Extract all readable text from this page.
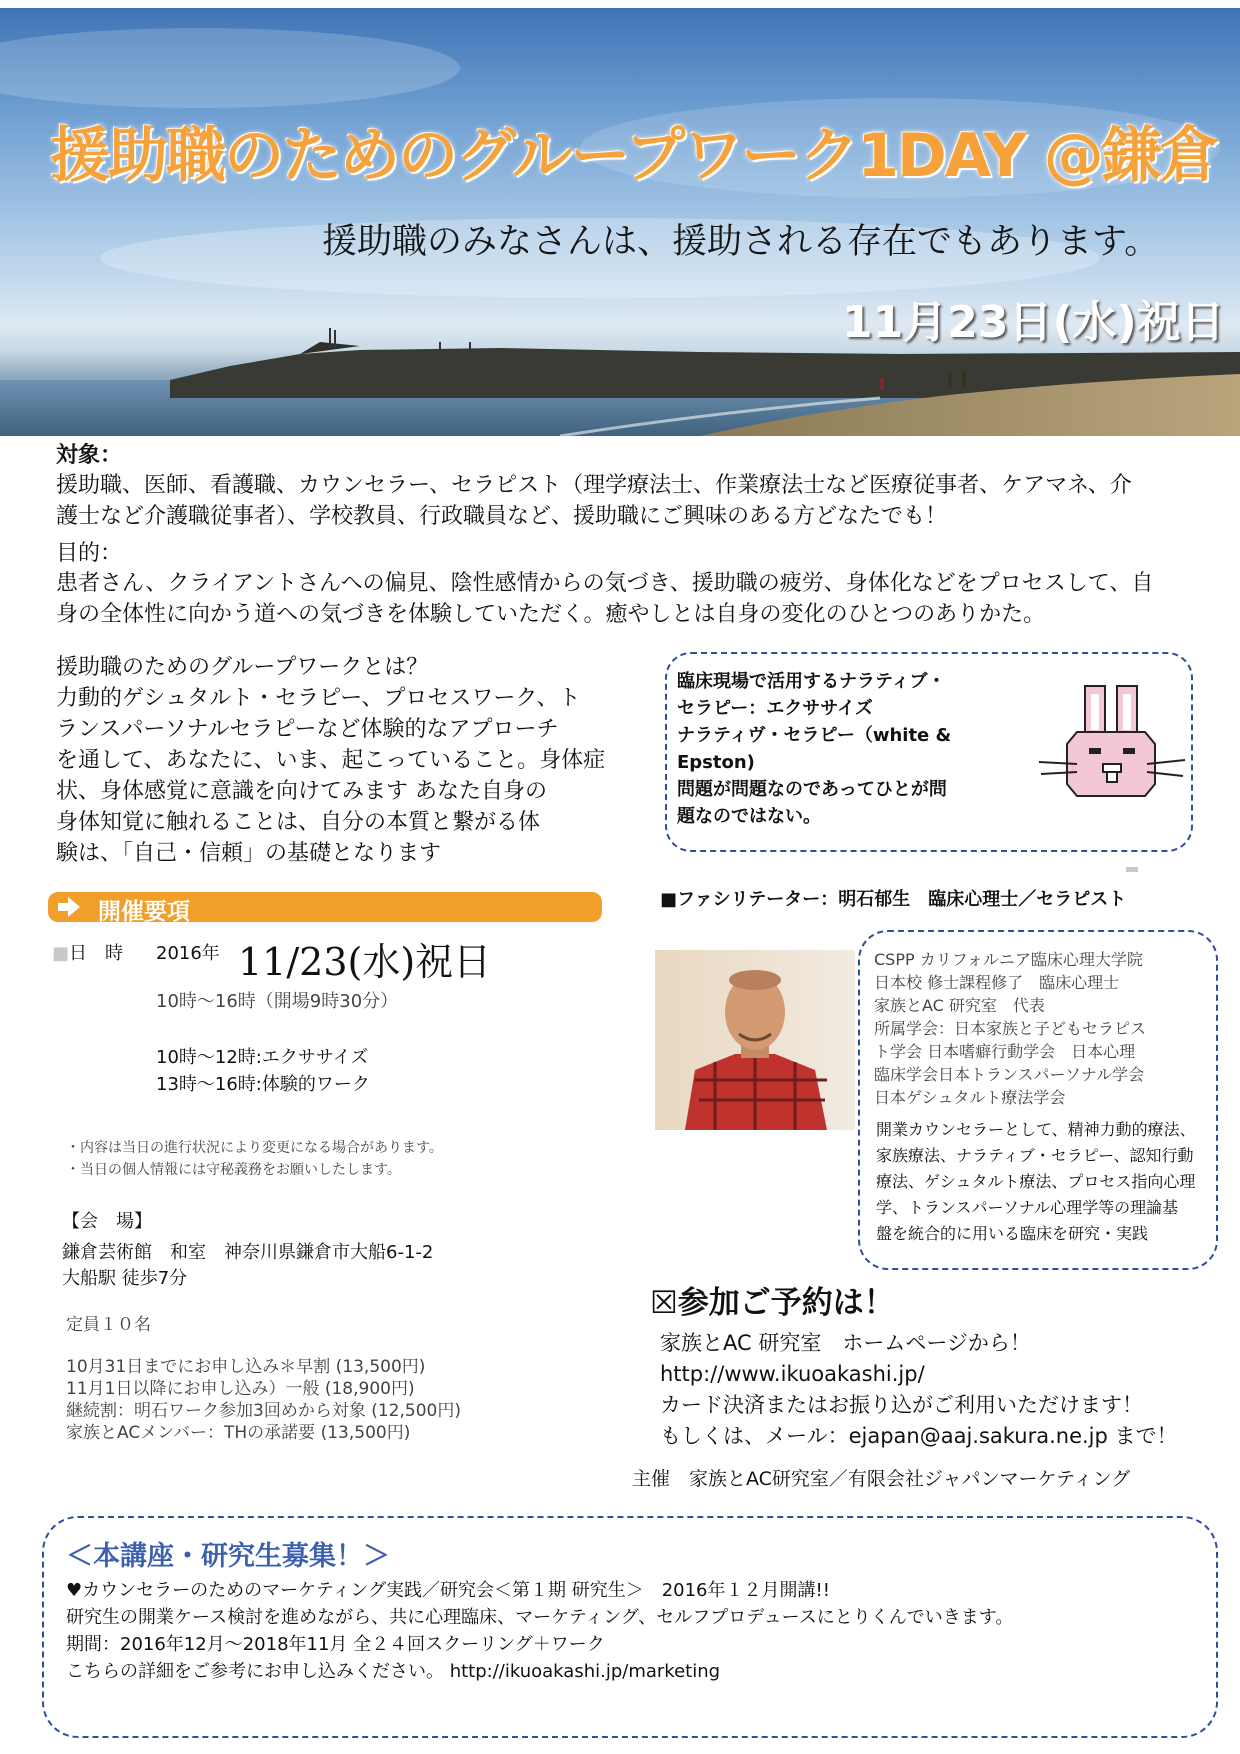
援助職のためのグループワーク1DAY @鎌倉
援助職のみなさんは、援助される存在でもあります。
11月23日(水)祝日
対象：
援助職、医師、看護職、カウンセラー、セラピスト（理学療法士、作業療法士など医療従事者、ケアマネ、介
護士など介護職従事者）、学校教員、行政職員など、援助職にご興味のある方どなたでも！
目的：
患者さん、クライアントさんへの偏見、陰性感情からの気づき、援助職の疲労、身体化などをプロセスして、自
身の全体性に向かう道への気づきを体験していただく。癒やしとは自身の変化のひとつのありかた。
援助職のためのグループワークとは？
力動的ゲシュタルト・セラピー、プロセスワーク、ト
ランスパーソナルセラピーなど体験的なアプローチ
を通して、あなたに、いま、起こっていること。身体症
状、身体感覚に意識を向けてみます あなた自身の
身体知覚に触れることは、自分の本質と繋がる体
験は、「自己・信頼」の基礎となります
臨床現場で活用するナラティブ・
セラピー：エクササイズ
ナラティヴ・セラピー（white &
Epston)
問題が問題なのであってひとが問
題なのではない。
■ファシリテーター：明石郁生　臨床心理士／セラピスト
開催要項
■日　時 2016年 11/23(水)祝日
10時〜16時（開場9時30分）
10時〜12時:エクササイズ
13時〜16時:体験的ワーク
・内容は当日の進行状況により変更になる場合があります。
・当日の個人情報には守秘義務をお願いしたします。
【会　場】
鎌倉芸術館　和室　神奈川県鎌倉市大船6-1-2
大船駅 徒歩7分
定員１０名
10月31日までにお申し込み＊早割 (13,500円)
11月1日以降にお申し込み）一般 (18,900円)
継続割：明石ワーク参加3回めから対象 (12,500円)
家族とACメンバー：THの承諾要 (13,500円)
CSPP カリフォルニア臨床心理大学院
日本校 修士課程修了　臨床心理士
家族とAC 研究室　代表
所属学会：日本家族と子どもセラピス
ト学会 日本嗜癖行動学会　日本心理
臨床学会日本トランスパーソナル学会
日本ゲシュタルト療法学会
開業カウンセラーとして、精神力動的療法、
家族療法、ナラティブ・セラピー、認知行動
療法、ゲシュタルト療法、プロセス指向心理
学、トランスパーソナル心理学等の理論基
盤を統合的に用いる臨床を研究・実践
☒参加ご予約は！
家族とAC 研究室　ホームページから！
http://www.ikuoakashi.jp/
カード決済またはお振り込がご利用いただけます！
もしくは、メール：ejapan@aaj.sakura.ne.jp まで！
主催　家族とAC研究室／有限会社ジャパンマーケティング
＜本講座・研究生募集！＞
♥カウンセラーのためのマーケティング実践／研究会＜第１期 研究生＞　2016年１２月開講!!
研究生の開業ケース検討を進めながら、共に心理臨床、マーケティング、セルフプロデュースにとりくんでいきます。
期間：2016年12月〜2018年11月 全２４回スクーリング＋ワーク
こちらの詳細をご参考にお申し込みください。 http://ikuoakashi.jp/marketing
